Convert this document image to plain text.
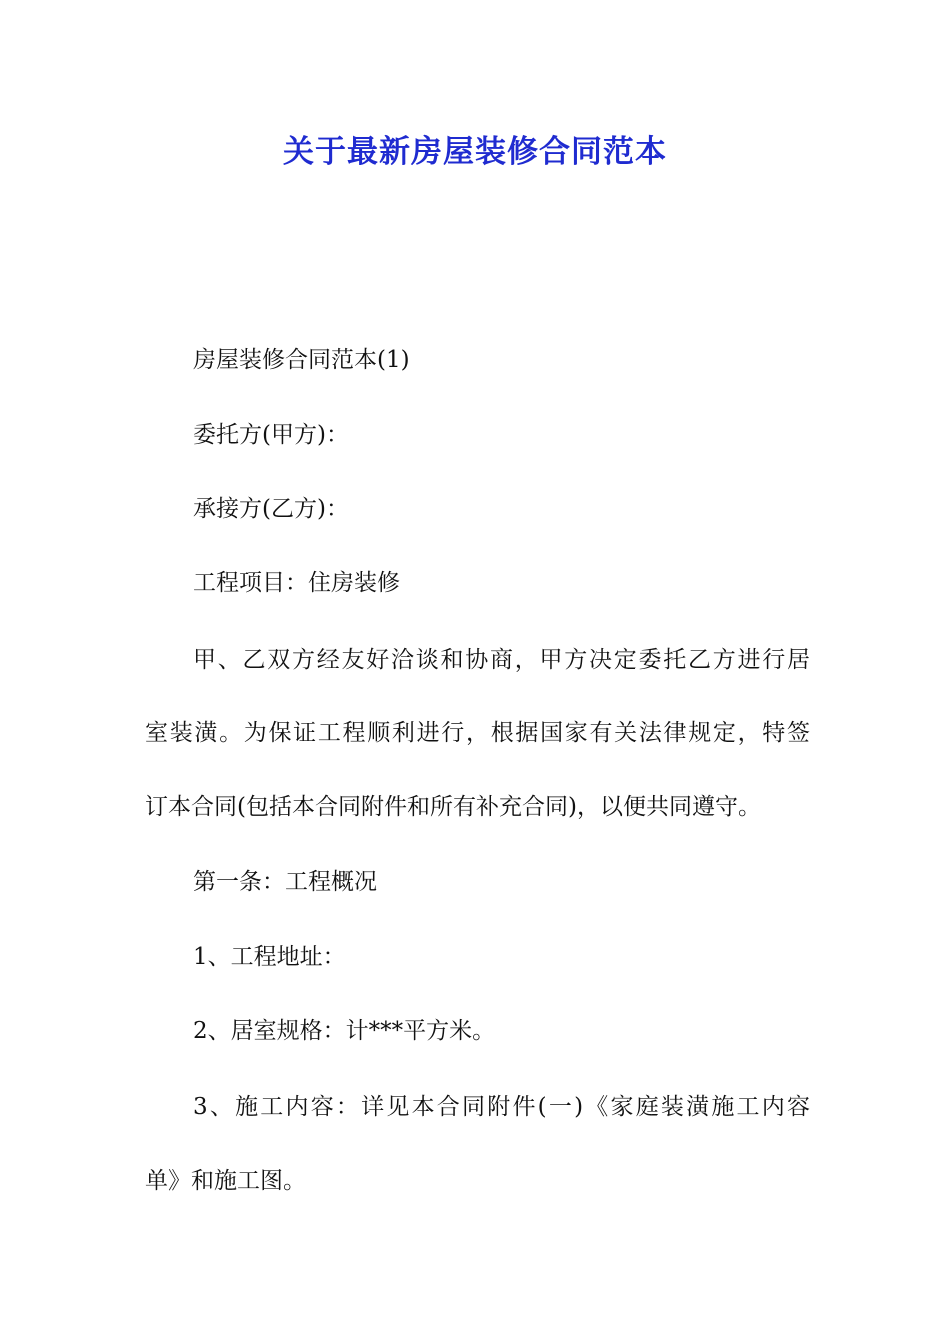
关于最新房屋装修合同范本
房屋装修合同范本(1)
委托方(甲方)：
承接方(乙方)：
工程项目：住房装修
甲、乙双方经友好洽谈和协商，甲方决定委托乙方进行居
室装潢。为保证工程顺利进行，根据国家有关法律规定，特签
订本合同(包括本合同附件和所有补充合同)，以便共同遵守。
第一条：工程概况
1、工程地址：
2、居室规格：计***平方米。
3、施工内容：详见本合同附件(一)《家庭装潢施工内容
单》和施工图。
